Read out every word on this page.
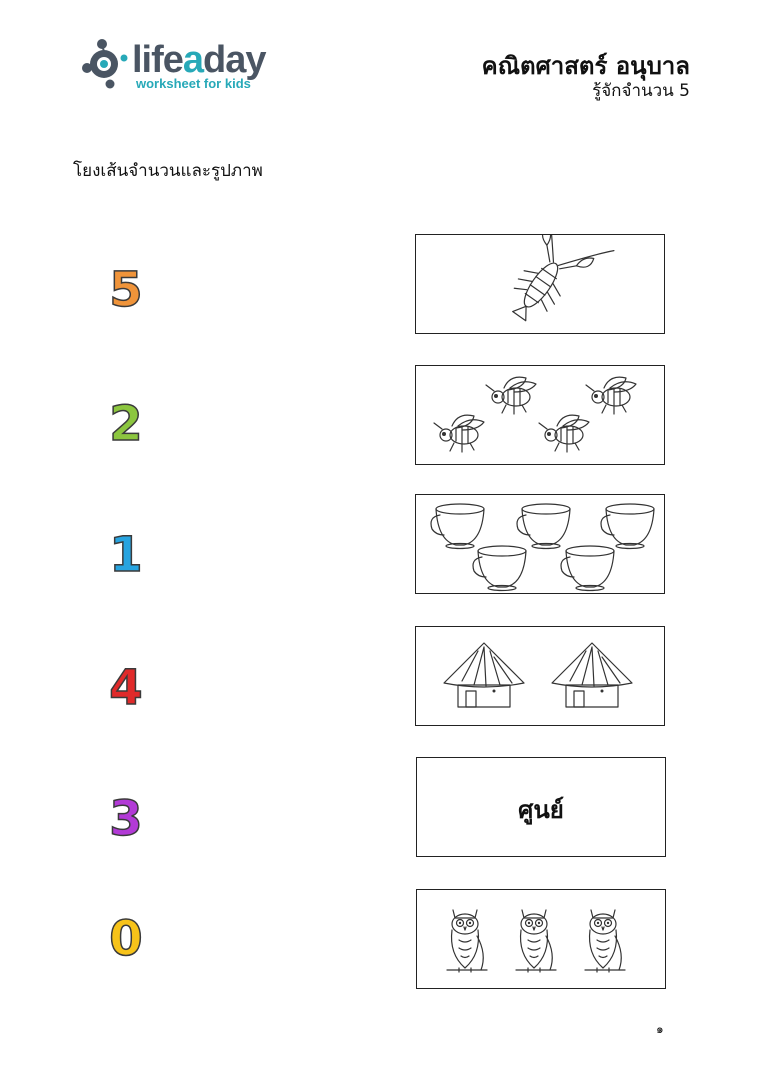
lifeaday
worksheet for kids
คณิตศาสตร์ อนุบาล
รู้จักจำนวน 5
โยงเส้นจำนวนและรูปภาพ
5
2
1
4
3
0
ศูนย์
๑
